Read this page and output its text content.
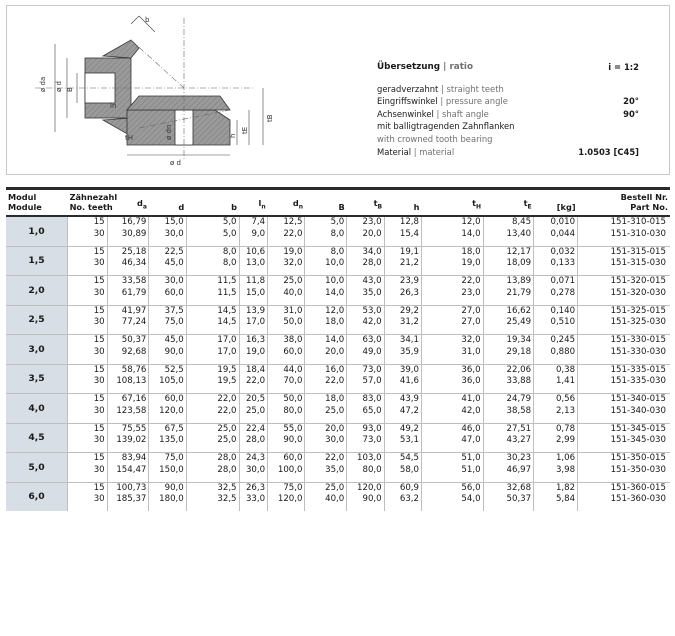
b
ø da ø d B
ln
ø dn
ø d
h
tE
tB
tH
Übersetzung | ratio	i = 1:2
geradverzahnt | straight teeth
Eingriffswinkel | pressure angle	20°
Achsenwinkel | shaft angle	90°
mit balligtragenden Zahnflanken
with crowned tooth bearing
Material | material	1.0503 [C45]
Modul
Module	Zähnezahl
No. teeth	$d_a$	d	b	$l_n$	$d_n$	B	$t_B$	h	$t_H$	$t_E$	[kg]	Bestell Nr.
Part No.
1,0	15	16,79	15,0	5,0	7,4	12,5	5,0	23,0	12,8	12,0	8,45	0,010	151-310-015
	30	30,89	30,0	5,0	9,0	22,0	8,0	20,0	15,4	14,0	13,40	0,044	151-310-030

1,5	15	25,18	22,5	8,0	10,6	19,0	8,0	34,0	19,1	18,0	12,17	0,032	151-315-015
	30	46,34	45,0	8,0	13,0	32,0	10,0	28,0	21,2	19,0	18,09	0,133	151-315-030

2,0	15	33,58	30,0	11,5	11,8	25,0	10,0	43,0	23,9	22,0	13,89	0,071	151-320-015
	30	61,79	60,0	11,5	15,0	40,0	14,0	35,0	26,3	23,0	21,79	0,278	151-320-030

2,5	15	41,97	37,5	14,5	13,9	31,0	12,0	53,0	29,2	27,0	16,62	0,140	151-325-015
	30	77,24	75,0	14,5	17,0	50,0	18,0	42,0	31,2	27,0	25,49	0,510	151-325-030

3,0	15	50,37	45,0	17,0	16,3	38,0	14,0	63,0	34,1	32,0	19,34	0,245	151-330-015
	30	92,68	90,0	17,0	19,0	60,0	20,0	49,0	35,9	31,0	29,18	0,880	151-330-030

3,5	15	58,76	52,5	19,5	18,4	44,0	16,0	73,0	39,0	36,0	22,06	0,38	151-335-015
	30	108,13	105,0	19,5	22,0	70,0	22,0	57,0	41,6	36,0	33,88	1,41	151-335-030

4,0	15	67,16	60,0	22,0	20,5	50,0	18,0	83,0	43,9	41,0	24,79	0,56	151-340-015
	30	123,58	120,0	22,0	25,0	80,0	25,0	65,0	47,2	42,0	38,58	2,13	151-340-030

4,5	15	75,55	67,5	25,0	22,4	55,0	20,0	93,0	49,2	46,0	27,51	0,78	151-345-015
	30	139,02	135,0	25,0	28,0	90,0	30,0	73,0	53,1	47,0	43,27	2,99	151-345-030

5,0	15	83,94	75,0	28,0	24,3	60,0	22,0	103,0	54,5	51,0	30,23	1,06	151-350-015
	30	154,47	150,0	28,0	30,0	100,0	35,0	80,0	58,0	51,0	46,97	3,98	151-350-030

6,0	15	100,73	90,0	32,5	26,3	75,0	25,0	120,0	60,9	56,0	32,68	1,82	151-360-015
	30	185,37	180,0	32,5	33,0	120,0	40,0	90,0	63,2	54,0	50,37	5,84	151-360-030
